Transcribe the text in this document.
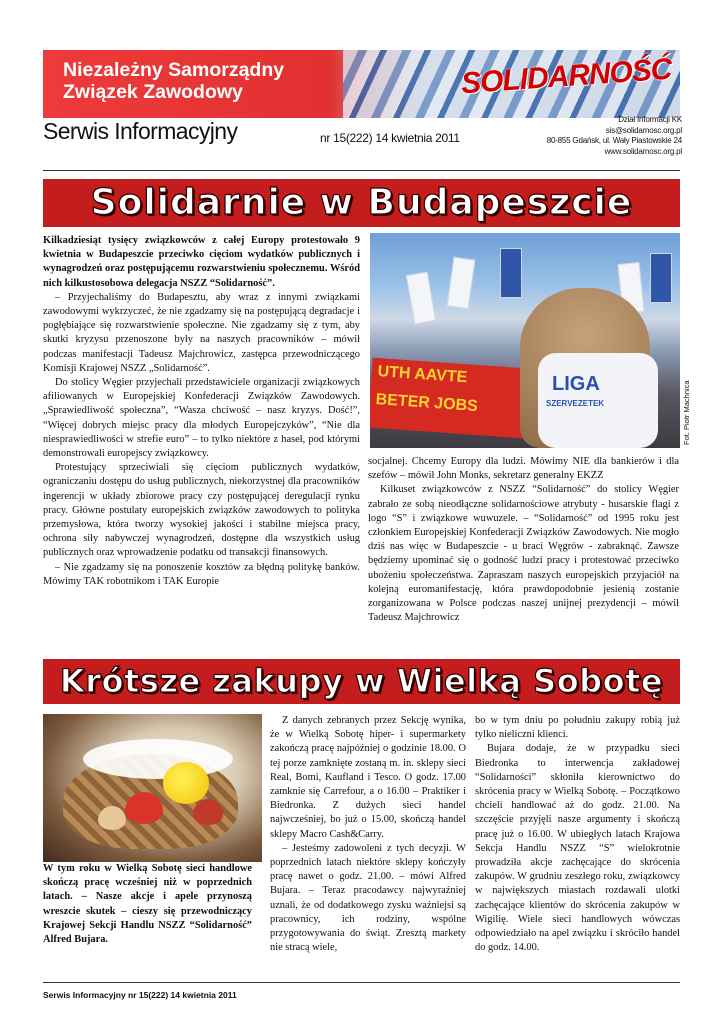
Niezależny Samorządny
Związek Zawodowy	SOLIDARNOŚĆ
Serwis Informacyjny	nr 15(222) 14 kwietnia 2011
Dział Informacji KK
sis@solidarnosc.org.pl
80-855 Gdańsk, ul. Wały Piastowskie 24
www.solidarnosc.org.pl
Solidarnie w Budapeszcie

Kilkadziesiąt tysięcy związkowców z całej Europy protestowało 9 kwietnia w Budapeszcie przeciwko cięciom wydatków publicznych i wynagrodzeń oraz postępującemu rozwarstwieniu społecznemu. Wśród nich kilkustosobowa delegacja NSZZ “Solidarność”.

– Przyjechaliśmy do Budapesztu, aby wraz z innymi związkami zawodowymi wykrzyczeć, że nie zgadzamy się na postępującą degradacje i pogłębiające się rozwarstwienie społeczne. Nie zgadzamy się z tym, aby skutki kryzysu przenoszone były na naszych pracowników – mówił podczas manifestacji Tadeusz Majchrowicz, zastępca przewodniczącego Komisji Krajowej NSZZ „Solidarność”.

Do stolicy Węgier przyjechali przedstawiciele organizacji związkowych afiliowanych w Europejskiej Konfederacji Związków Zawodowych. „Sprawiedliwość społeczna”, “Wasza chciwość – nasz kryzys. Dość!”, “Więcej dobrych miejsc pracy dla młodych Europejczyków”, “Nie dla niesprawiedliwości w strefie euro” – to tylko niektóre z haseł, pod którymi demonstrowali europejscy związkowcy.

Protestujący sprzeciwiali się cięciom publicznych wydatków, ograniczaniu dostępu do usług publicznych, niekorzystnej dla pracowników ingerencji w układy zbiorowe pracy czy postępującej deregulacji rynku pracy. Główne postulaty europejskich związków zawodowych to polityka przemysłowa, która tworzy wysokiej jakości i stabilne miejsca pracy, ochrona siły nabywczej wynagrodzeń, dostępne dla wszystkich usług publicznych oraz wprowadzenie podatku od transakcji finansowych.

– Nie zgadzamy się na ponoszenie kosztów za błędną politykę banków. Mówimy TAK robotnikom i TAK Europie

UTH AAVTE
BETER JOBS
LIGA
SZERVEZETEK	Fot. Piotr Machnica

socjalnej. Chcemy Europy dla ludzi. Mówimy NIE dla bankierów i dla szefów – mówił John Monks, sekretarz generalny EKZZ

Kilkuset związkowców z NSZZ “Solidarność” do stolicy Węgier zabrało ze sobą nieodłączne solidarnościowe atrybuty - husarskie flagi z logo “S” i związkowe wuwuzele. – “Solidarność” od 1995 roku jest członkiem Europejskiej Konfederacji Związków Zawodowych. Nie mogło dziś nas więc w Budapeszcie - u braci Węgrów - zabraknąć. Zawsze będziemy upominać się o godność ludzi pracy i protestować przeciwko ubożeniu społeczeństwa. Zapraszam naszych europejskich przyjaciół na kolejną euromanifestację, która prawdopodobnie jesienią zostanie zorganizowana w Polsce podczas naszej unijnej prezydencji – mówił Tadeusz Majchrowicz

Krótsze zakupy w Wielką Sobotę
W tym roku w Wielką Sobotę sieci handlowe skończą pracę wcześniej niż w poprzednich latach. – Nasze akcje i apele przynoszą wreszcie skutek – cieszy się przewodniczący Krajowej Sekcji Handlu NSZZ “Solidarność” Alfred Bujara.

Z danych zebranych przez Sekcję wynika, że w Wielką Sobotę hiper- i supermarkety zakończą pracę najpóźniej o godzinie 18.00. O tej porze zamknięte zostaną m. in. sklepy sieci Real, Bomi, Kaufland i Tesco. O godz. 17.00 zamknie się Carrefour, a o 16.00 – Praktiker i Biedronka. Z dużych sieci handel najwcześniej, bo już o 15.00, skończą handel sklepy Macro Cash&Carry.

– Jesteśmy zadowoleni z tych decyzji. W poprzednich latach niektóre sklepy kończyły pracę nawet o godz. 21.00. – mówi Alfred Bujara. – Teraz pracodawcy najwyraźniej uznali, że od dodatkowego zysku ważniejsi są pracownicy, ich rodziny, wspólne przygotowywania do świąt. Zresztą markety nie stracą wiele,

bo w tym dniu po południu zakupy robią już tylko nieliczni klienci.

Bujara dodaje, że w przypadku sieci Biedronka to interwencja zakładowej “Solidarności” skłoniła kierownictwo do skrócenia pracy w Wielką Sobotę. – Początkowo chcieli handlować aż do godz. 21.00. Na szczęście przyjęli nasze argumenty i skończą pracę już o 16.00. W ubiegłych latach Krajowa Sekcja Handlu NSZZ “S” wielokrotnie prowadziła akcje zachęcające do skrócenia zakupów. W grudniu zeszłego roku, związkowcy w największych miastach rozdawali ulotki zachęcające klientów do skrócenia zakupów w Wigilię. Wiele sieci handlowych wówczas odpowiedziało na apel związku i skróciło handel do godz. 14.00.

Serwis Informacyjny nr 15(222) 14 kwietnia 2011
